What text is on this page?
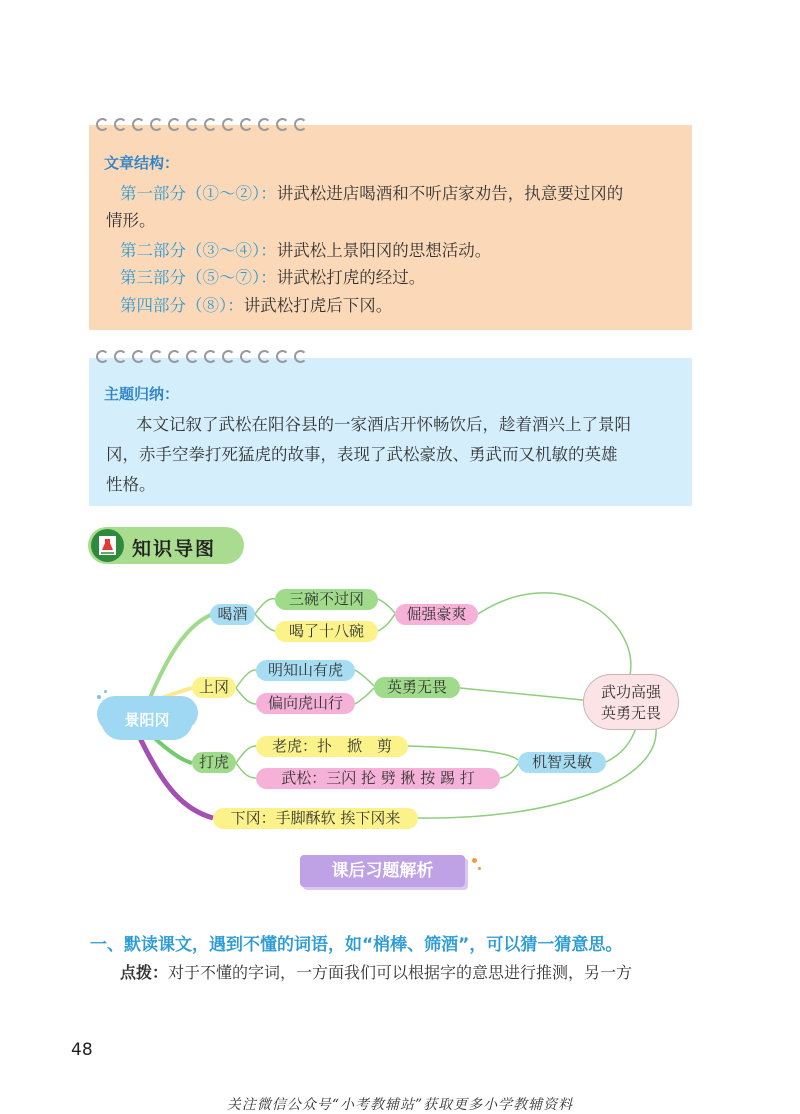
文章结构：
第一部分（①～②）：讲武松进店喝酒和不听店家劝告，执意要过冈的
情形。
第二部分（③～④）：讲武松上景阳冈的思想活动。
第三部分（⑤～⑦）：讲武松打虎的经过。
第四部分（⑧）：讲武松打虎后下冈。
主题归纳：
本文记叙了武松在阳谷县的一家酒店开怀畅饮后，趁着酒兴上了景阳
冈，赤手空拳打死猛虎的故事，表现了武松豪放、勇武而又机敏的英雄
性格。
知识导图
景阳冈
喝酒
三碗不过冈
喝了十八碗
倔强豪爽
上冈
明知山有虎
偏向虎山行
英勇无畏
打虎
老虎：扑　掀　剪
武松：三闪 抡 劈 揪 按 踢 打
机智灵敏
下冈：手脚酥软 挨下冈来
武功高强
英勇无畏
课后习题解析
一、默读课文，遇到不懂的词语，如“梢棒、筛酒”，可以猜一猜意思。
点拨：对于不懂的字词，一方面我们可以根据字的意思进行推测，另一方
48
关注微信公众号“小考教辅站”获取更多小学教辅资料
